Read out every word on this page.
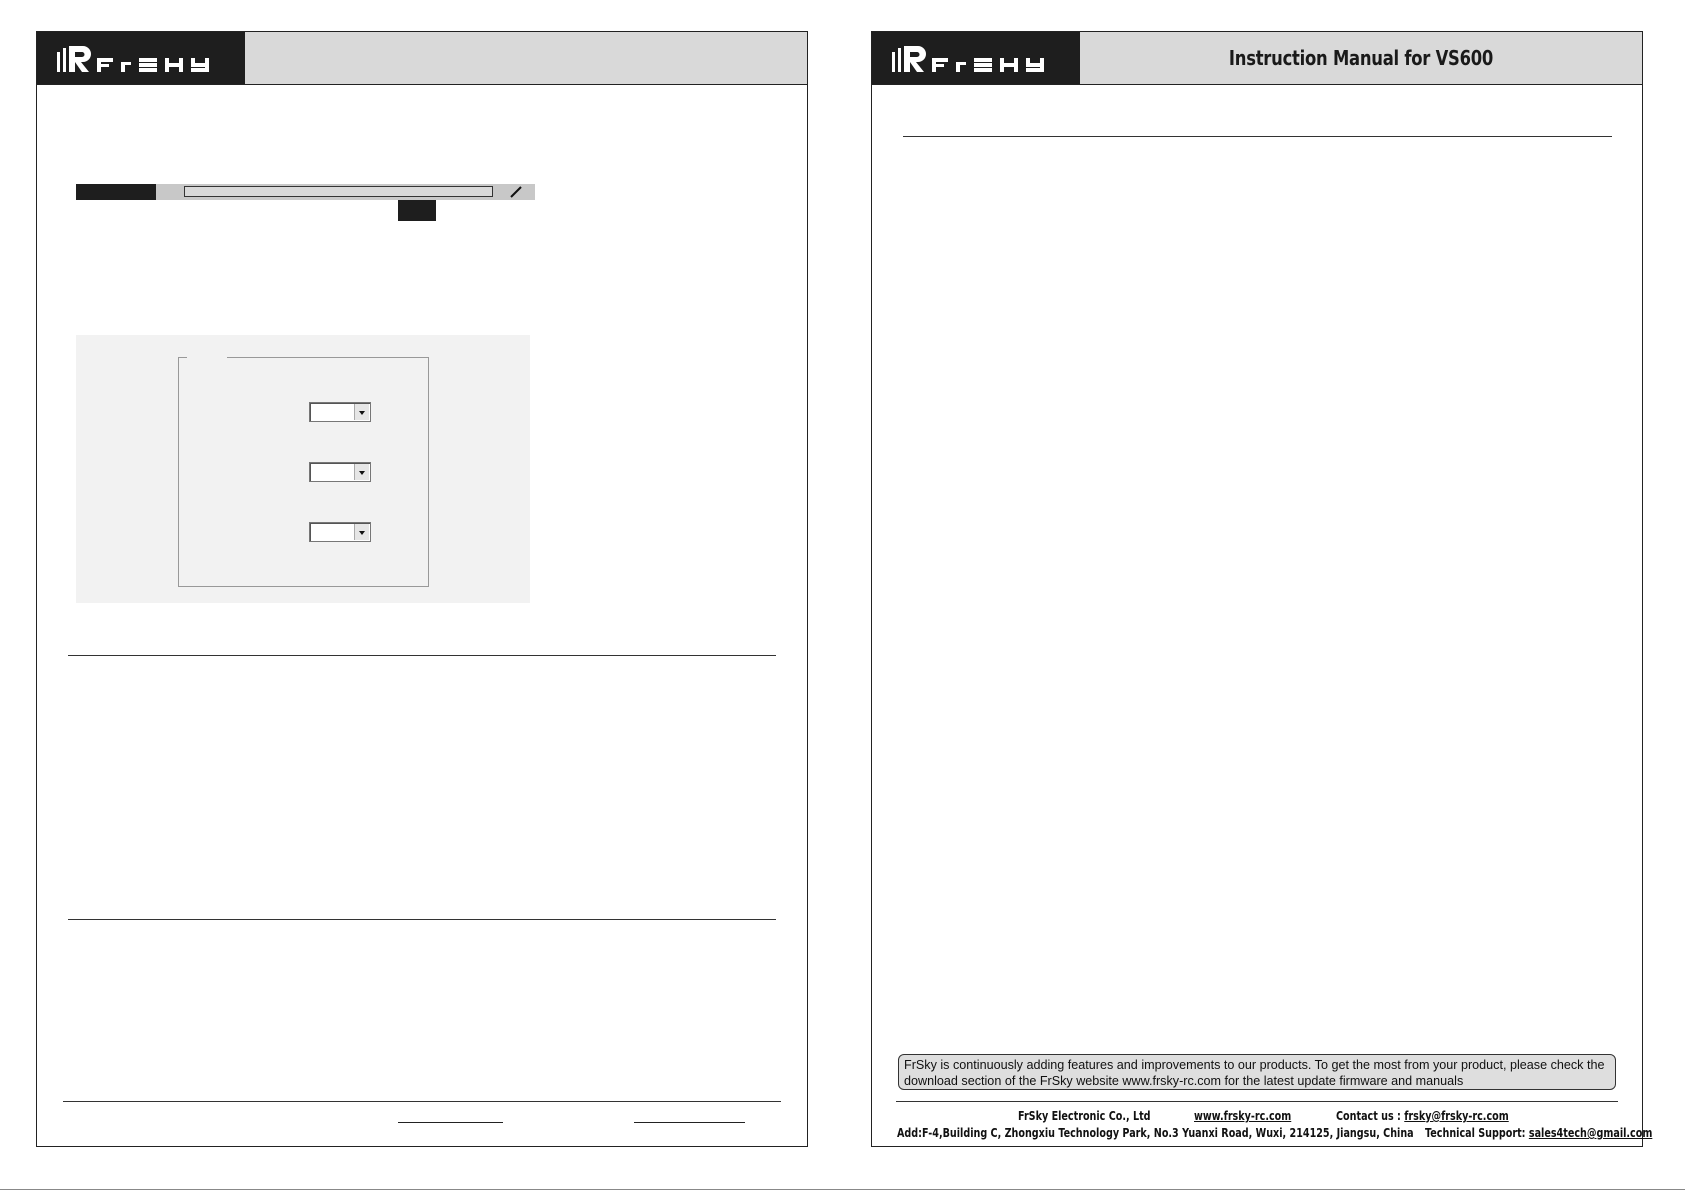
Instruction Manual for VS600
FrSky is continuously adding features and improvements to our products. To get the most from your product, please check the download section of the FrSky website www.frsky-rc.com for the latest update firmware and manuals
FrSky Electronic Co., Ltd	www.frsky-rc.com	Contact us : frsky@frsky-rc.com
Add:F-4,Building C, Zhongxiu Technology Park, No.3 Yuanxi Road, Wuxi, 214125, Jiangsu, China Technical Support: sales4tech@gmail.com
